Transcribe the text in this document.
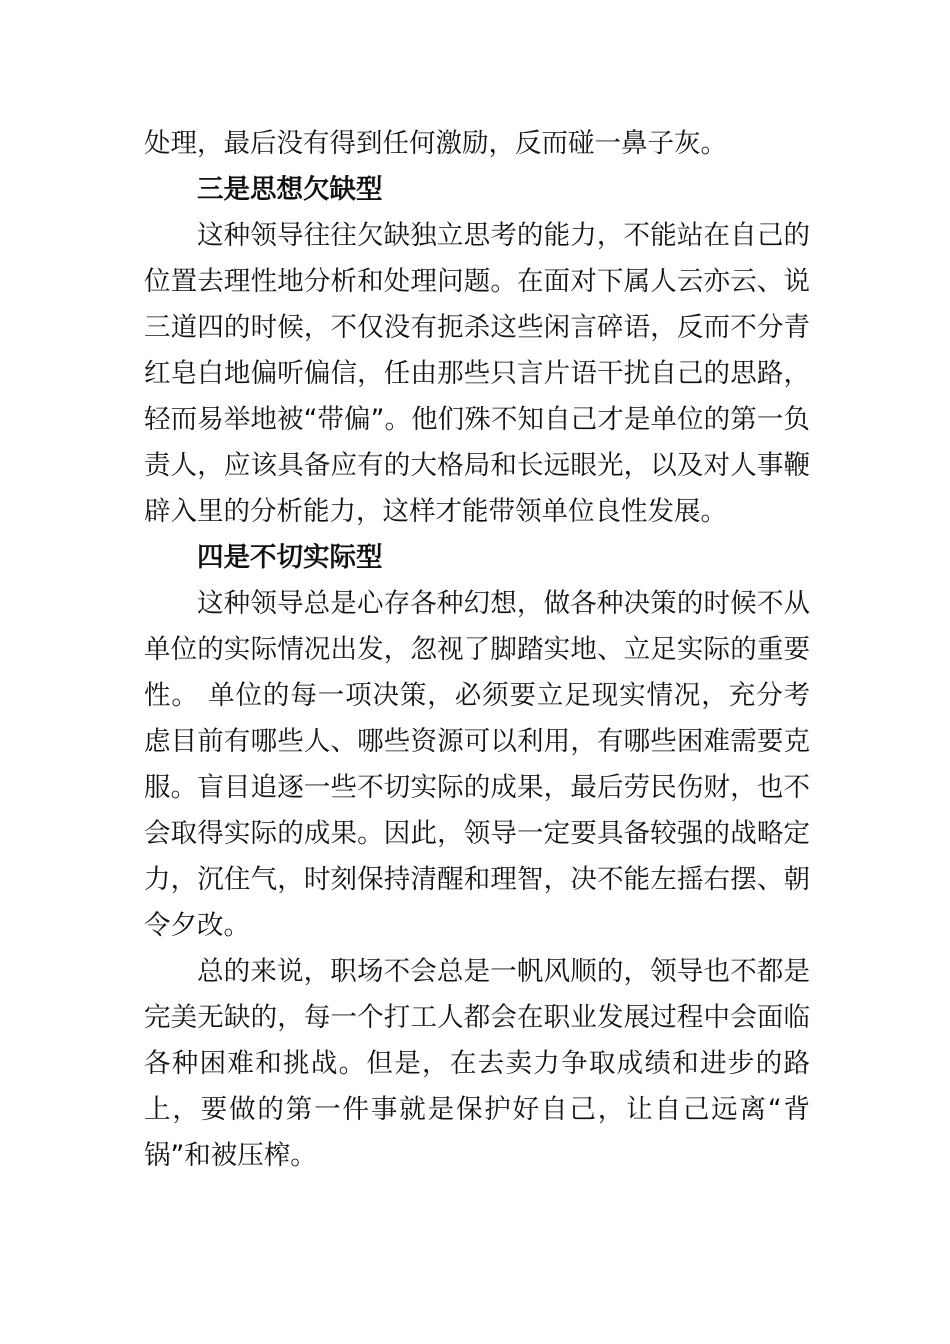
处理，最后没有得到任何激励，反而碰一鼻子灰。

三是思想欠缺型

这种领导往往欠缺独立思考的能力，不能站在自己的位置去理性地分析和处理问题。在面对下属人云亦云、说三道四的时候，不仅没有扼杀这些闲言碎语，反而不分青红皂白地偏听偏信，任由那些只言片语干扰自己的思路，轻而易举地被“带偏”。他们殊不知自己才是单位的第一负责人，应该具备应有的大格局和长远眼光，以及对人事鞭辟入里的分析能力，这样才能带领单位良性发展。

四是不切实际型

这种领导总是心存各种幻想，做各种决策的时候不从单位的实际情况出发，忽视了脚踏实地、立足实际的重要性。 单位的每一项决策，必须要立足现实情况，充分考虑目前有哪些人、哪些资源可以利用，有哪些困难需要克服。盲目追逐一些不切实际的成果，最后劳民伤财，也不会取得实际的成果。因此，领导一定要具备较强的战略定力，沉住气，时刻保持清醒和理智，决不能左摇右摆、朝令夕改。

总的来说，职场不会总是一帆风顺的，领导也不都是完美无缺的，每一个打工人都会在职业发展过程中会面临各种困难和挑战。但是，在去卖力争取成绩和进步的路上，要做的第一件事就是保护好自己，让自己远离“背锅”和被压榨。
